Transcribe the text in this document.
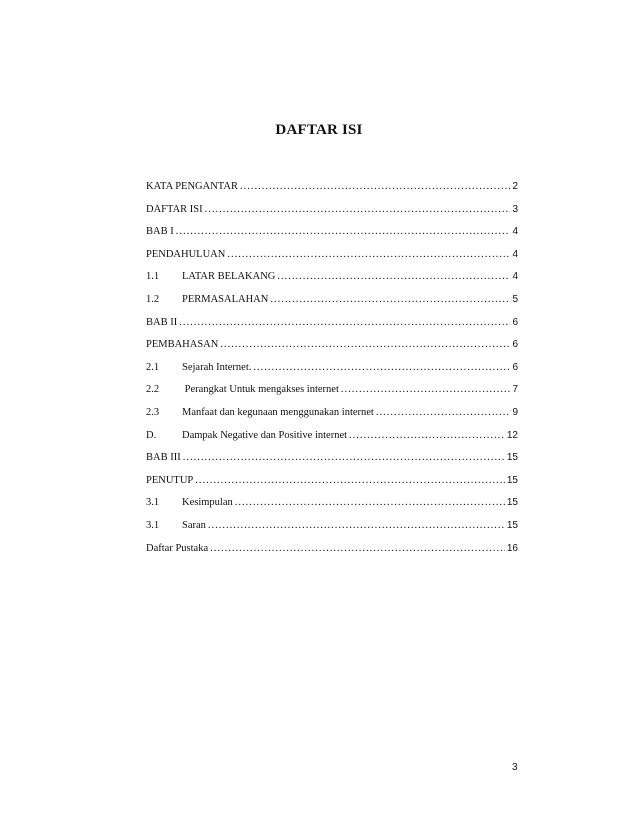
DAFTAR ISI
KATA PENGANTAR .....	2
DAFTAR ISI .....	3
BAB I .....	4
PENDAHULUAN .....	4
1.1	LATAR BELAKANG .....	4
1.2	PERMASALAHAN .....	5
BAB II .....	6
PEMBAHASAN .....	6
2.1	Sejarah Internet. .....	6
2.2	Perangkat Untuk mengakses internet .....	7
2.3	Manfaat dan kegunaan menggunakan internet .....	9
D.	Dampak Negative dan Positive internet .....	12
BAB III .....	15
PENUTUP .....	15
3.1	Kesimpulan .....	15
3.1	Saran .....	15
Daftar Pustaka .....	16
3
